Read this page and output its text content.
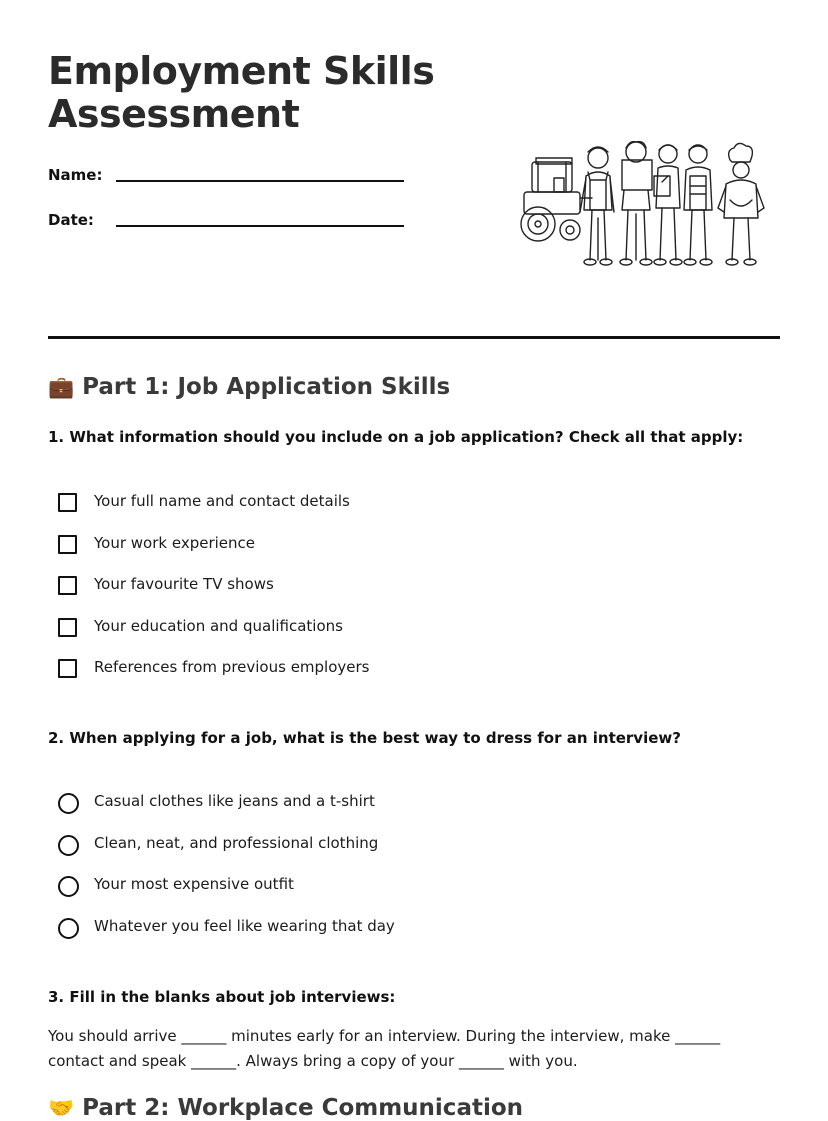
Employment Skills Assessment
Name:
Date:
💼 Part 1: Job Application Skills
1. What information should you include on a job application? Check all that apply:
Your full name and contact details
Your work experience
Your favourite TV shows
Your education and qualifications
References from previous employers
2. When applying for a job, what is the best way to dress for an interview?
Casual clothes like jeans and a t-shirt
Clean, neat, and professional clothing
Your most expensive outfit
Whatever you feel like wearing that day
3. Fill in the blanks about job interviews:
You should arrive ______ minutes early for an interview. During the interview, make ______ contact and speak ______. Always bring a copy of your ______ with you.
🤝 Part 2: Workplace Communication
